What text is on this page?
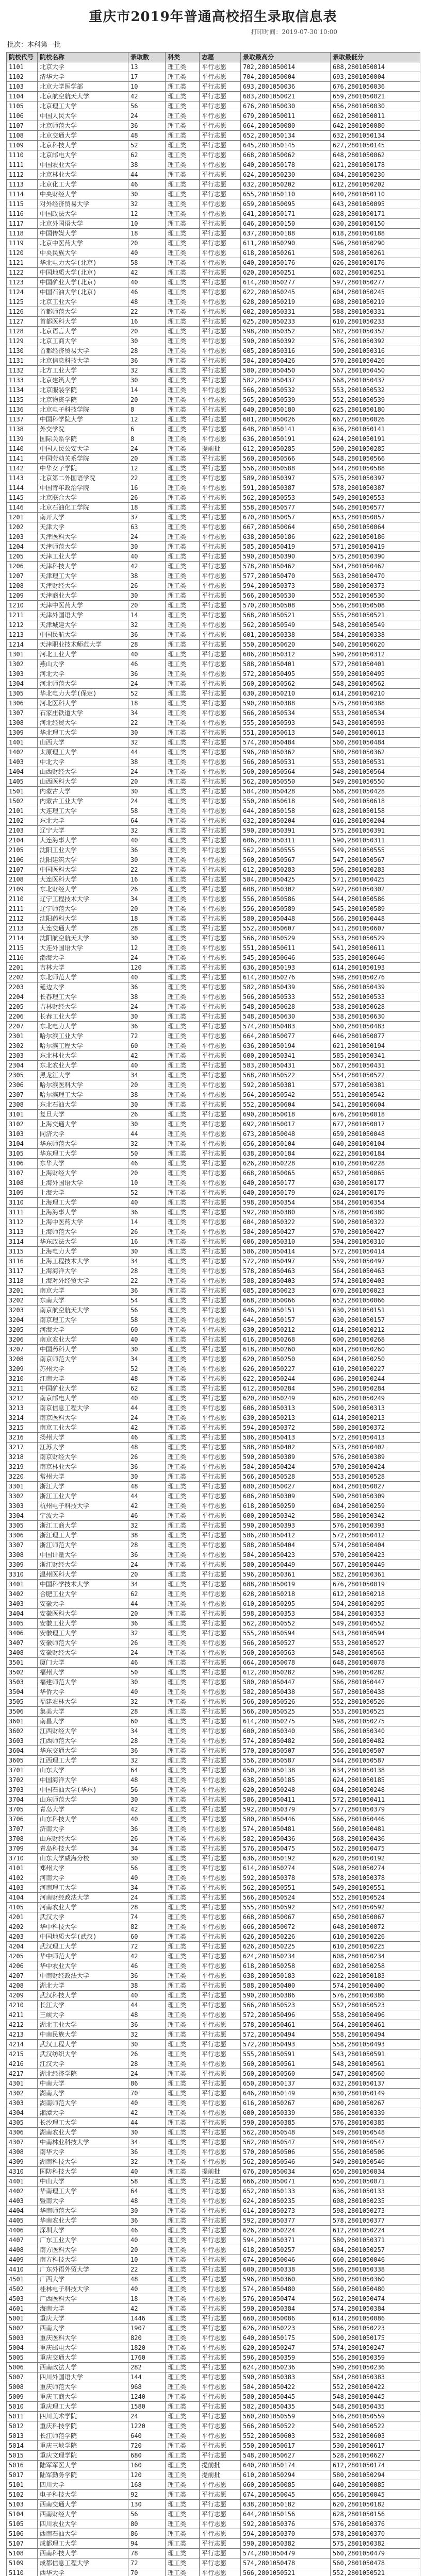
重庆市2019年普通高校招生录取信息表
打印时间：2019-07-30 10:00
批次：本科第一批
院校代号	院校名称	录取数	科类	志愿	录取最高分	录取最低分
1101	北京大学	13	理工类	平行志愿	702,2801050014	688,2801050014
1102	清华大学	17	理工类	平行志愿	704,2801050004	693,2801050004
1103	北京大学医学部	10	理工类	平行志愿	693,2801050036	676,2801050036
1104	北京航空航天大学	42	理工类	平行志愿	683,2801050021	659,2801050021
1105	北京理工大学	56	理工类	平行志愿	676,2801050030	656,2801050030
1106	中国人民大学	24	理工类	平行志愿	679,2801050011	662,2801050011
1107	北京师范大学	36	理工类	平行志愿	664,2801050080	642,2801050080
1108	北京交通大学	48	理工类	平行志愿	652,2801050134	632,2801050134
1109	北京科技大学	52	理工类	平行志愿	645,2801050145	627,2801050145
1110	北京邮电大学	62	理工类	平行志愿	668,2801050062	648,2801050062
1111	中国农业大学	38	理工类	平行志愿	640,2801050178	621,2801050178
1112	北京林业大学	44	理工类	平行志愿	624,2801050230	604,2801050230
1113	北京化工大学	46	理工类	平行志愿	632,2801050202	612,2801050202
1114	中央财经大学	30	理工类	平行志愿	655,2801050110	640,2801050110
1115	对外经济贸易大学	32	理工类	平行志愿	659,2801050095	643,2801050095
1116	中国政法大学	12	理工类	平行志愿	641,2801050171	628,2801050171
1117	北京外国语大学	10	理工类	平行志愿	646,2801050150	630,2801050150
1118	中国传媒大学	18	理工类	平行志愿	637,2801050188	618,2801050188
1119	北京中医药大学	20	理工类	平行志愿	611,2801050290	596,2801050290
1120	中央民族大学	40	理工类	平行志愿	618,2801050261	598,2801050261
1121	华北电力大学(北京)	58	理工类	平行志愿	640,2801050176	626,2801050176
1122	中国地质大学(北京)	42	理工类	平行志愿	620,2801050251	602,2801050251
1123	中国矿业大学(北京)	40	理工类	平行志愿	614,2801050277	597,2801050277
1124	中国石油大学(北京)	46	理工类	平行志愿	622,2801050245	604,2801050245
1125	北京工业大学	48	理工类	平行志愿	628,2801050219	608,2801050219
1126	首都师范大学	22	理工类	平行志愿	602,2801050331	588,2801050331
1127	首都医科大学	16	理工类	平行志愿	625,2801050233	610,2801050233
1128	北京语言大学	20	理工类	平行志愿	598,2801050352	582,2801050352
1129	北京工商大学	30	理工类	平行志愿	590,2801050392	576,2801050392
1130	首都经济贸易大学	28	理工类	平行志愿	605,2801050316	590,2801050316
1131	北京信息科技大学	36	理工类	平行志愿	584,2801050426	570,2801050426
1132	北方工业大学	32	理工类	平行志愿	580,2801050450	567,2801050450
1133	北京建筑大学	30	理工类	平行志愿	582,2801050437	568,2801050437
1134	北京服装学院	14	理工类	平行志愿	566,2801050532	553,2801050532
1135	北京物资学院	20	理工类	平行志愿	565,2801050539	552,2801050539
1136	北京电子科技学院	8	理工类	平行志愿	640,2801050180	625,2801050180
1137	中国科学院大学	12	理工类	平行志愿	681,2801050026	667,2801050026
1138	外交学院	6	理工类	平行志愿	648,2801050141	636,2801050141
1139	国际关系学院	8	理工类	平行志愿	636,2801050191	624,2801050191
1140	中国人民公安大学	24	理工类	提前批	612,2801050285	590,2801050285
1141	中国劳动关系学院	20	理工类	平行志愿	560,2801050566	548,2801050566
1142	中华女子学院	12	理工类	平行志愿	556,2801050588	544,2801050588
1143	北京第二外国语学院	22	理工类	平行志愿	589,2801050397	575,2801050397
1144	中国青年政治学院	16	理工类	平行志愿	591,2801050387	578,2801050387
1145	北京联合大学	26	理工类	平行志愿	562,2801050553	549,2801050553
1146	北京石油化工学院	18	理工类	平行志愿	558,2801050577	546,2801050577
1201	南开大学	37	理工类	平行志愿	670,2801050057	653,2801050057
1202	天津大学	63	理工类	平行志愿	667,2801050064	650,2801050064
1203	天津医科大学	24	理工类	平行志愿	638,2801050186	622,2801050186
1204	天津师范大学	30	理工类	平行志愿	585,2801050419	571,2801050419
1205	天津工业大学	40	理工类	平行志愿	590,2801050390	575,2801050390
1206	天津科技大学	42	理工类	平行志愿	578,2801050462	564,2801050462
1207	天津理工大学	38	理工类	平行志愿	577,2801050470	563,2801050470
1208	天津财经大学	26	理工类	平行志愿	594,2801050373	580,2801050373
1209	天津商业大学	30	理工类	平行志愿	566,2801050530	552,2801050530
1210	天津中医药大学	20	理工类	平行志愿	570,2801050508	556,2801050508
1211	天津外国语大学	14	理工类	平行志愿	568,2801050521	555,2801050521
1212	天津城建大学	32	理工类	平行志愿	562,2801050549	548,2801050549
1213	中国民航大学	36	理工类	平行志愿	601,2801050338	584,2801050338
1214	天津职业技术师范大学	28	理工类	平行志愿	550,2801050620	540,2801050620
1301	河北工业大学	40	理工类	平行志愿	606,2801050312	590,2801050312
1302	燕山大学	46	理工类	平行志愿	588,2801050401	572,2801050401
1303	河北大学	36	理工类	平行志愿	572,2801050495	559,2801050495
1304	河北师范大学	24	理工类	平行志愿	560,2801050562	548,2801050562
1305	华北电力大学(保定)	52	理工类	平行志愿	630,2801050210	614,2801050210
1306	河北医科大学	18	理工类	平行志愿	590,2801050388	575,2801050388
1307	石家庄铁道大学	34	理工类	平行志愿	566,2801050534	553,2801050534
1308	河北经贸大学	22	理工类	平行志愿	555,2801050593	543,2801050593
1309	华北理工大学	30	理工类	平行志愿	551,2801050613	540,2801050613
1401	山西大学	32	理工类	平行志愿	574,2801050484	560,2801050484
1402	太原理工大学	44	理工类	平行志愿	596,2801050362	580,2801050362
1403	中北大学	38	理工类	平行志愿	566,2801050531	553,2801050531
1404	山西财经大学	24	理工类	平行志愿	560,2801050564	548,2801050564
1405	山西医科大学	20	理工类	平行志愿	562,2801050550	549,2801050550
1501	内蒙古大学	30	理工类	平行志愿	584,2801050428	568,2801050428
1502	内蒙古工业大学	24	理工类	平行志愿	550,2801050618	540,2801050618
2101	大连理工大学	58	理工类	平行志愿	644,2801050158	628,2801050158
2102	东北大学	64	理工类	平行志愿	632,2801050204	616,2801050204
2103	辽宁大学	32	理工类	平行志愿	590,2801050391	575,2801050391
2104	大连海事大学	40	理工类	平行志愿	606,2801050311	590,2801050311
2105	沈阳工业大学	36	理工类	平行志愿	562,2801050555	549,2801050555
2106	沈阳建筑大学	30	理工类	平行志愿	560,2801050567	547,2801050567
2107	中国医科大学	22	理工类	平行志愿	612,2801050283	596,2801050283
2108	大连医科大学	16	理工类	平行志愿	584,2801050425	571,2801050425
2109	东北财经大学	26	理工类	平行志愿	608,2801050302	592,2801050302
2110	辽宁工程技术大学	34	理工类	平行志愿	556,2801050586	544,2801050586
2111	辽宁师范大学	20	理工类	平行志愿	556,2801050589	545,2801050589
2112	沈阳药科大学	18	理工类	平行志愿	580,2801050448	566,2801050448
2113	大连交通大学	28	理工类	平行志愿	552,2801050607	541,2801050607
2114	沈阳航空航天大学	30	理工类	平行志愿	566,2801050529	553,2801050529
2115	大连外国语大学	12	理工类	平行志愿	551,2801050611	541,2801050611
2116	渤海大学	24	理工类	平行志愿	545,2801050646	535,2801050646
2201	吉林大学	120	理工类	平行志愿	636,2801050193	614,2801050193
2202	东北师范大学	40	理工类	平行志愿	614,2801050276	598,2801050276
2203	延边大学	36	理工类	平行志愿	582,2801050439	566,2801050439
2204	长春理工大学	38	理工类	平行志愿	566,2801050533	552,2801050533
2205	吉林财经大学	24	理工类	平行志愿	548,2801050628	538,2801050628
2206	长春工业大学	30	理工类	平行志愿	548,2801050630	538,2801050630
2207	东北电力大学	36	理工类	平行志愿	574,2801050483	560,2801050483
2301	哈尔滨工业大学	72	理工类	平行志愿	664,2801050077	646,2801050077
2302	哈尔滨工程大学	60	理工类	平行志愿	636,2801050194	621,2801050194
2303	东北林业大学	42	理工类	平行志愿	600,2801050341	585,2801050341
2304	东北农业大学	40	理工类	平行志愿	583,2801050431	567,2801050431
2305	黑龙江大学	34	理工类	平行志愿	568,2801050522	554,2801050522
2306	哈尔滨医科大学	20	理工类	平行志愿	592,2801050381	577,2801050381
2307	哈尔滨理工大学	38	理工类	平行志愿	564,2801050542	551,2801050542
2308	东北石油大学	30	理工类	平行志愿	552,2801050604	541,2801050604
3101	复旦大学	26	理工类	平行志愿	690,2801050018	676,2801050018
3102	上海交通大学	30	理工类	平行志愿	692,2801050017	677,2801050017
3103	同济大学	44	理工类	平行志愿	673,2801050048	659,2801050048
3104	华东师范大学	32	理工类	平行志愿	656,2801050104	640,2801050104
3105	华东理工大学	50	理工类	平行志愿	638,2801050184	622,2801050184
3106	东华大学	46	理工类	平行志愿	626,2801050228	610,2801050228
3107	上海财经大学	20	理工类	平行志愿	668,2801050065	652,2801050065
3108	上海外国语大学	10	理工类	平行志愿	640,2801050177	630,2801050177
3109	上海大学	52	理工类	平行志愿	640,2801050179	624,2801050179
3110	上海理工大学	40	理工类	平行志愿	598,2801050354	584,2801050354
3111	上海海事大学	36	理工类	平行志愿	592,2801050380	578,2801050380
3112	上海中医药大学	14	理工类	平行志愿	604,2801050322	590,2801050322
3113	上海师范大学	26	理工类	平行志愿	584,2801050427	570,2801050427
3114	华东政法大学	16	理工类	平行志愿	606,2801050310	594,2801050310
3115	上海电力大学	30	理工类	平行志愿	586,2801050414	572,2801050414
3116	上海工程技术大学	34	理工类	平行志愿	572,2801050497	559,2801050497
3117	上海海洋大学	28	理工类	平行志愿	578,2801050463	564,2801050463
3118	上海对外经贸大学	22	理工类	平行志愿	588,2801050403	574,2801050403
3201	南京大学	36	理工类	平行志愿	685,2801050023	670,2801050023
3202	东南大学	54	理工类	平行志愿	668,2801050066	652,2801050066
3203	南京航空航天大学	56	理工类	平行志愿	646,2801050151	630,2801050151
3204	南京理工大学	58	理工类	平行志愿	644,2801050157	630,2801050157
3205	河海大学	60	理工类	平行志愿	630,2801050212	614,2801050212
3206	南京农业大学	40	理工类	平行志愿	616,2801050268	600,2801050268
3207	中国药科大学	30	理工类	平行志愿	618,2801050260	604,2801050260
3208	南京师范大学	34	理工类	平行志愿	620,2801050250	604,2801050250
3209	苏州大学	52	理工类	平行志愿	626,2801050227	610,2801050227
3210	江南大学	48	理工类	平行志愿	622,2801050244	606,2801050244
3211	中国矿业大学	62	理工类	平行志愿	612,2801050284	596,2801050284
3212	南京邮电大学	40	理工类	平行志愿	620,2801050249	605,2801050249
3213	南京信息工程大学	44	理工类	平行志愿	606,2801050313	590,2801050313
3214	南京医科大学	24	理工类	平行志愿	630,2801050213	614,2801050213
3215	南京工业大学	42	理工类	平行志愿	594,2801050372	580,2801050372
3216	扬州大学	46	理工类	平行志愿	586,2801050413	572,2801050413
3217	江苏大学	48	理工类	平行志愿	588,2801050402	573,2801050402
3218	南京财经大学	26	理工类	平行志愿	590,2801050389	576,2801050389
3219	南京林业大学	36	理工类	平行志愿	584,2801050424	570,2801050424
3220	常州大学	30	理工类	平行志愿	566,2801050528	553,2801050528
3301	浙江大学	48	理工类	平行志愿	680,2801050027	664,2801050027
3302	浙江工业大学	44	理工类	平行志愿	606,2801050309	590,2801050309
3303	杭州电子科技大学	42	理工类	平行志愿	618,2801050259	604,2801050259
3304	宁波大学	46	理工类	平行志愿	600,2801050342	586,2801050342
3305	浙江工商大学	32	理工类	平行志愿	590,2801050393	576,2801050393
3306	浙江理工大学	38	理工类	平行志愿	586,2801050412	572,2801050412
3307	浙江师范大学	28	理工类	平行志愿	588,2801050404	574,2801050404
3308	中国计量大学	36	理工类	平行志愿	584,2801050423	570,2801050423
3309	浙江财经大学	24	理工类	平行志愿	580,2801050449	567,2801050449
3310	温州医科大学	20	理工类	平行志愿	596,2801050361	582,2801050361
3401	中国科学技术大学	34	理工类	平行志愿	688,2801050019	676,2801050019
3402	合肥工业大学	62	理工类	平行志愿	628,2801050218	612,2801050218
3403	安徽大学	44	理工类	平行志愿	610,2801050295	594,2801050295
3404	安徽医科大学	20	理工类	平行志愿	598,2801050353	584,2801050353
3405	安徽工业大学	36	理工类	平行志愿	562,2801050552	549,2801050552
3406	安徽理工大学	32	理工类	平行志愿	555,2801050594	543,2801050594
3407	安徽师范大学	26	理工类	平行志愿	566,2801050527	553,2801050527
3408	安徽财经大学	24	理工类	平行志愿	560,2801050563	548,2801050563
3501	厦门大学	46	理工类	平行志愿	664,2801050078	648,2801050078
3502	福州大学	50	理工类	平行志愿	612,2801050282	596,2801050282
3503	福建师范大学	30	理工类	平行志愿	580,2801050447	566,2801050447
3504	华侨大学	40	理工类	平行志愿	582,2801050438	567,2801050438
3505	福建农林大学	32	理工类	平行志愿	566,2801050526	552,2801050526
3506	集美大学	28	理工类	平行志愿	566,2801050525	553,2801050525
3601	南昌大学	60	理工类	平行志愿	614,2801050275	598,2801050275
3602	江西财经大学	34	理工类	平行志愿	600,2801050340	586,2801050340
3603	江西师范大学	28	理工类	平行志愿	574,2801050482	560,2801050482
3604	华东交通大学	36	理工类	平行志愿	570,2801050507	556,2801050507
3605	江西理工大学	32	理工类	平行志愿	556,2801050587	544,2801050587
3701	山东大学	64	理工类	平行志愿	650,2801050138	634,2801050138
3702	中国海洋大学	48	理工类	平行志愿	638,2801050185	624,2801050185
3703	中国石油大学(华东)	56	理工类	平行志愿	620,2801050248	604,2801050248
3704	山东师范大学	30	理工类	平行志愿	586,2801050411	572,2801050411
3705	青岛大学	42	理工类	平行志愿	592,2801050379	577,2801050379
3706	山东科技大学	40	理工类	平行志愿	580,2801050446	566,2801050446
3707	济南大学	36	理工类	平行志愿	574,2801050481	560,2801050481
3708	山东财经大学	26	理工类	平行志愿	582,2801050436	568,2801050436
3709	青岛科技大学	34	理工类	平行志愿	576,2801050475	562,2801050475
3710	山东大学威海分校	30	理工类	平行志愿	636,2801050192	620,2801050192
4101	郑州大学	56	理工类	平行志愿	614,2801050274	598,2801050274
4102	河南大学	40	理工类	平行志愿	592,2801050378	578,2801050378
4103	河南理工大学	34	理工类	平行志愿	562,2801050551	549,2801050551
4104	河南财经政法大学	24	理工类	平行志愿	566,2801050524	552,2801050524
4105	河南农业大学	28	理工类	平行志愿	555,2801050592	542,2801050592
4201	武汉大学	74	理工类	平行志愿	668,2801050067	650,2801050067
4202	华中科技大学	82	理工类	平行志愿	666,2801050072	648,2801050072
4203	中国地质大学(武汉)	60	理工类	平行志愿	626,2801050226	610,2801050226
4204	武汉理工大学	72	理工类	平行志愿	626,2801050225	610,2801050225
4205	华中师范大学	42	理工类	平行志愿	624,2801050234	608,2801050234
4206	华中农业大学	46	理工类	平行志愿	618,2801050258	602,2801050258
4207	中南财经政法大学	36	理工类	平行志愿	638,2801050183	622,2801050183
4208	湖北大学	38	理工类	平行志愿	588,2801050400	574,2801050400
4209	武汉科技大学	40	理工类	平行志愿	590,2801050386	576,2801050386
4210	长江大学	44	理工类	平行志愿	566,2801050523	552,2801050523
4211	三峡大学	48	理工类	平行志愿	572,2801050496	558,2801050496
4212	湖北工业大学	36	理工类	平行志愿	578,2801050461	564,2801050461
4213	中南民族大学	32	理工类	平行志愿	572,2801050494	558,2801050494
4214	武汉工程大学	30	理工类	平行志愿	572,2801050493	558,2801050493
4215	武汉纺织大学	26	理工类	平行志愿	555,2801050591	543,2801050591
4216	江汉大学	28	理工类	平行志愿	560,2801050561	548,2801050561
4217	湖北经济学院	24	理工类	平行志愿	560,2801050560	547,2801050560
4301	中南大学	86	理工类	平行志愿	650,2801050137	632,2801050137
4302	湖南大学	70	理工类	平行志愿	646,2801050149	630,2801050149
4303	湖南师范大学	40	理工类	平行志愿	616,2801050267	600,2801050267
4304	湘潭大学	42	理工类	平行志愿	600,2801050339	586,2801050339
4305	长沙理工大学	44	理工类	平行志愿	590,2801050385	576,2801050385
4306	湖南农业大学	30	理工类	平行志愿	562,2801050548	549,2801050548
4307	中南林业科技大学	34	理工类	平行志愿	562,2801050547	549,2801050547
4308	南华大学	36	理工类	平行志愿	570,2801050506	556,2801050506
4309	湖南科技大学	32	理工类	平行志愿	562,2801050546	549,2801050546
4310	国防科技大学	40	理工类	提前批	676,2801050034	650,2801050034
4401	中山大学	58	理工类	平行志愿	666,2801050071	650,2801050071
4402	华南理工大学	64	理工类	平行志愿	652,2801050133	636,2801050133
4403	暨南大学	48	理工类	平行志愿	624,2801050235	608,2801050235
4404	华南师范大学	30	理工类	平行志愿	614,2801050273	598,2801050273
4405	华南农业大学	36	理工类	平行志愿	592,2801050377	578,2801050377
4406	深圳大学	46	理工类	平行志愿	626,2801050224	612,2801050224
4407	广东工业大学	40	理工类	平行志愿	594,2801050371	580,2801050371
4408	南方医科大学	20	理工类	平行志愿	618,2801050257	604,2801050257
4409	南方科技大学	10	理工类	平行志愿	674,2801050046	660,2801050046
4410	广东外语外贸大学	22	理工类	平行志愿	600,2801050338	586,2801050338
4501	广西大学	48	理工类	平行志愿	596,2801050360	580,2801050360
4502	桂林电子科技大学	40	理工类	平行志愿	574,2801050480	560,2801050480
4503	广西医科大学	18	理工类	平行志愿	576,2801050474	562,2801050474
4601	海南大学	42	理工类	平行志愿	590,2801050384	574,2801050384
5001	重庆大学	1446	理工类	平行志愿	660,2801050086	614,2801050086
5002	西南大学	1907	理工类	平行志愿	626,2801050223	586,2801050223
5003	重庆医科大学	820	理工类	平行志愿	640,2801050175	590,2801050175
5004	重庆邮电大学	1820	理工类	平行志愿	620,2801050247	574,2801050247
5005	重庆交通大学	1760	理工类	平行志愿	596,2801050359	556,2801050359
5006	西南政法大学	282	理工类	平行志愿	624,2801050236	590,2801050236
5007	四川外国语大学	144	理工类	平行志愿	590,2801050383	564,2801050383
5008	重庆师范大学	968	理工类	平行志愿	584,2801050422	552,2801050422
5009	重庆工商大学	1240	理工类	平行志愿	580,2801050445	548,2801050445
5010	重庆理工大学	1580	理工类	平行志愿	582,2801050435	548,2801050435
5011	四川美术学院	24	理工类	平行志愿	560,2801050559	546,2801050559
5012	重庆科技学院	1220	理工类	平行志愿	566,2801050522	540,2801050522
5013	长江师范学院	640	理工类	平行志愿	552,2801050603	532,2801050603
5014	重庆三峡学院	720	理工类	平行志愿	550,2801050617	530,2801050617
5015	重庆文理学院	680	理工类	平行志愿	548,2801050627	528,2801050627
5016	陆军军医大学	160	理工类	提前批	640,2801050174	612,2801050174
5017	陆军勤务学院	120	理工类	提前批	610,2801050294	580,2801050294
5101	四川大学	168	理工类	平行志愿	660,2801050085	640,2801050085
5102	电子科技大学	92	理工类	平行志愿	674,2801050045	656,2801050045
5103	西南交通大学	130	理工类	平行志愿	638,2801050182	620,2801050182
5104	西南财经大学	56	理工类	平行志愿	644,2801050156	628,2801050156
5105	四川农业大学	80	理工类	平行志愿	592,2801050376	576,2801050376
5106	西南石油大学	86	理工类	平行志愿	594,2801050370	578,2801050370
5107	成都理工大学	94	理工类	平行志愿	590,2801050382	575,2801050382
5108	西南科技大学	78	理工类	平行志愿	574,2801050479	560,2801050479
5109	成都信息工程大学	72	理工类	平行志愿	574,2801050478	560,2801050478
5110	西华大学	70	理工类	平行志愿	566,2801050521	552,2801050521
